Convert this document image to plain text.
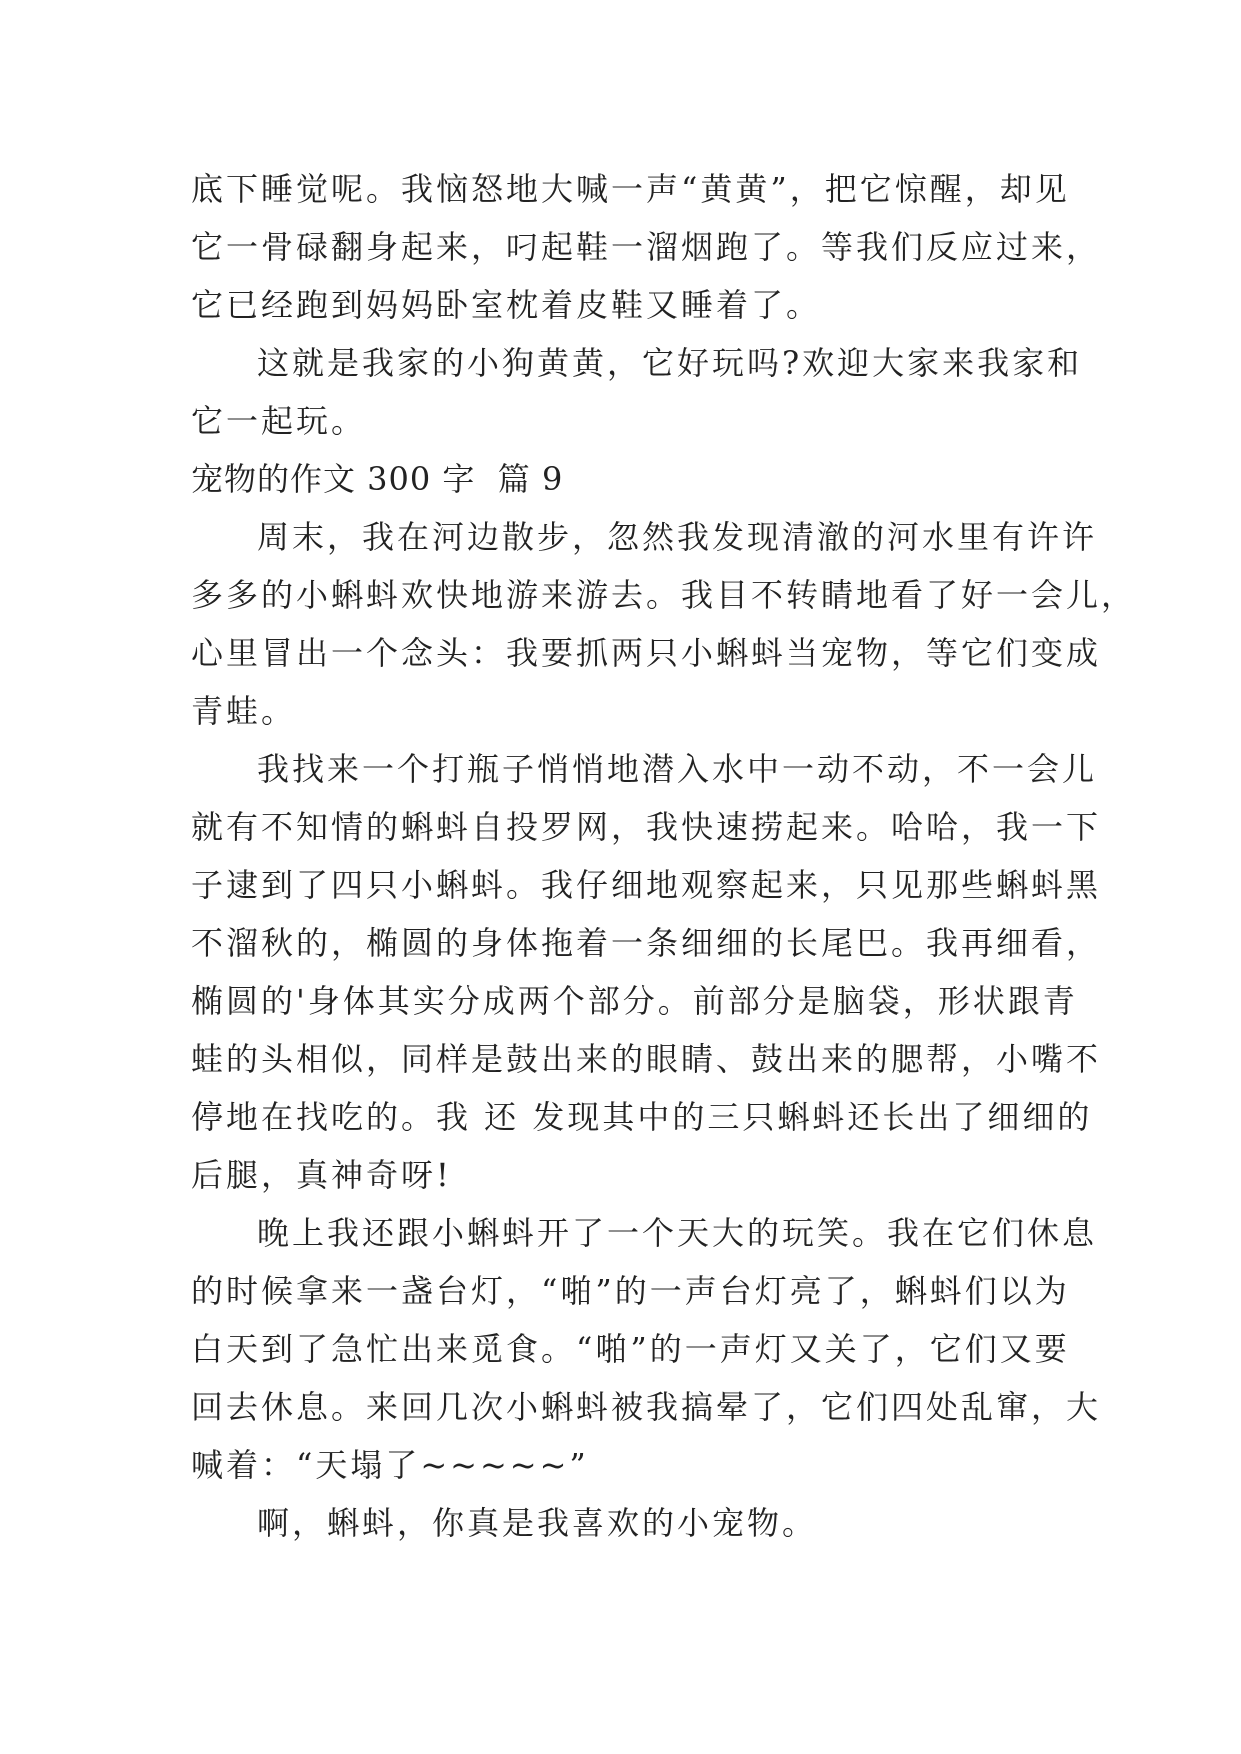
底下睡觉呢。我恼怒地大喊一声“黄黄”，把它惊醒，却见
它一骨碌翻身起来，叼起鞋一溜烟跑了。等我们反应过来，
它已经跑到妈妈卧室枕着皮鞋又睡着了。
这就是我家的小狗黄黄，它好玩吗?欢迎大家来我家和
它一起玩。
宠物的作文 300 字  篇 9
周末，我在河边散步，忽然我发现清澈的河水里有许许
多多的小蝌蚪欢快地游来游去。我目不转睛地看了好一会儿，
心里冒出一个念头：我要抓两只小蝌蚪当宠物，等它们变成
青蛙。
我找来一个打瓶子悄悄地潜入水中一动不动，不一会儿
就有不知情的蝌蚪自投罗网，我快速捞起来。哈哈，我一下
子逮到了四只小蝌蚪。我仔细地观察起来，只见那些蝌蚪黑
不溜秋的，椭圆的身体拖着一条细细的长尾巴。我再细看，
椭圆的'身体其实分成两个部分。前部分是脑袋，形状跟青
蛙的头相似，同样是鼓出来的眼睛、鼓出来的腮帮，小嘴不
停地在找吃的。我 还 发现其中的三只蝌蚪还长出了细细的
后腿，真神奇呀!
晚上我还跟小蝌蚪开了一个天大的玩笑。我在它们休息
的时候拿来一盏台灯，“啪”的一声台灯亮了，蝌蚪们以为
白天到了急忙出来觅食。“啪”的一声灯又关了，它们又要
回去休息。来回几次小蝌蚪被我搞晕了，它们四处乱窜，大
喊着：“天塌了~~~~~”
啊，蝌蚪，你真是我喜欢的小宠物。
